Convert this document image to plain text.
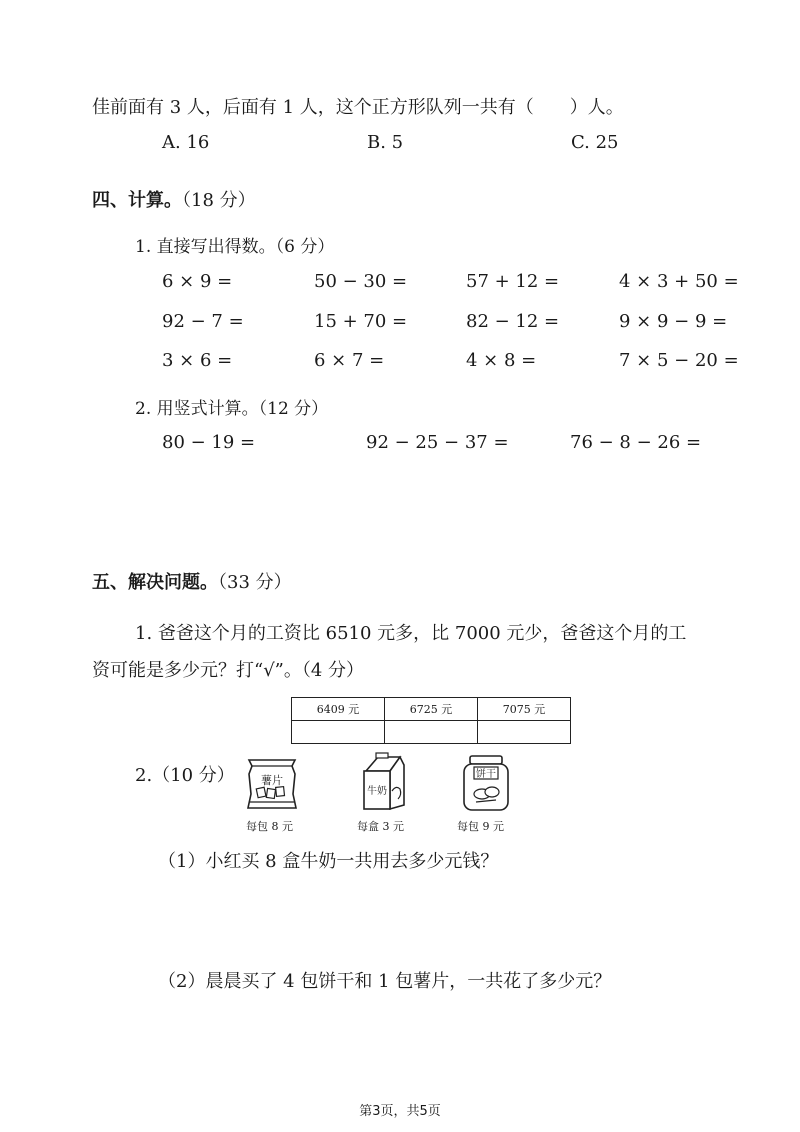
佳前面有 3 人，后面有 1 人，这个正方形队列一共有（　　）人。
A. 16	B. 5	C. 25
四、计算。（18 分）
1. 直接写出得数。（6 分）
6 × 9 =	50 − 30 =	57 + 12 =	4 × 3 + 50 =
92 − 7 =	15 + 70 =	82 − 12 =	9 × 9 − 9 =
3 × 6 =	6 × 7 =	4 × 8 =	7 × 5 − 20 =
2. 用竖式计算。（12 分）
80 − 19 =	92 − 25 − 37 =	76 − 8 − 26 =
五、解决问题。（33 分）
1. 爸爸这个月的工资比 6510 元多，比 7000 元少，爸爸这个月的工
资可能是多少元？打“√”。（4 分）
6409 元	6725 元	7075 元

2.（10 分） 薯片
牛奶
饼干
每包 8 元	每盒 3 元	每包 9 元
（1）小红买 8 盒牛奶一共用去多少元钱？
（2）晨晨买了 4 包饼干和 1 包薯片，一共花了多少元？
第3页，共5页
